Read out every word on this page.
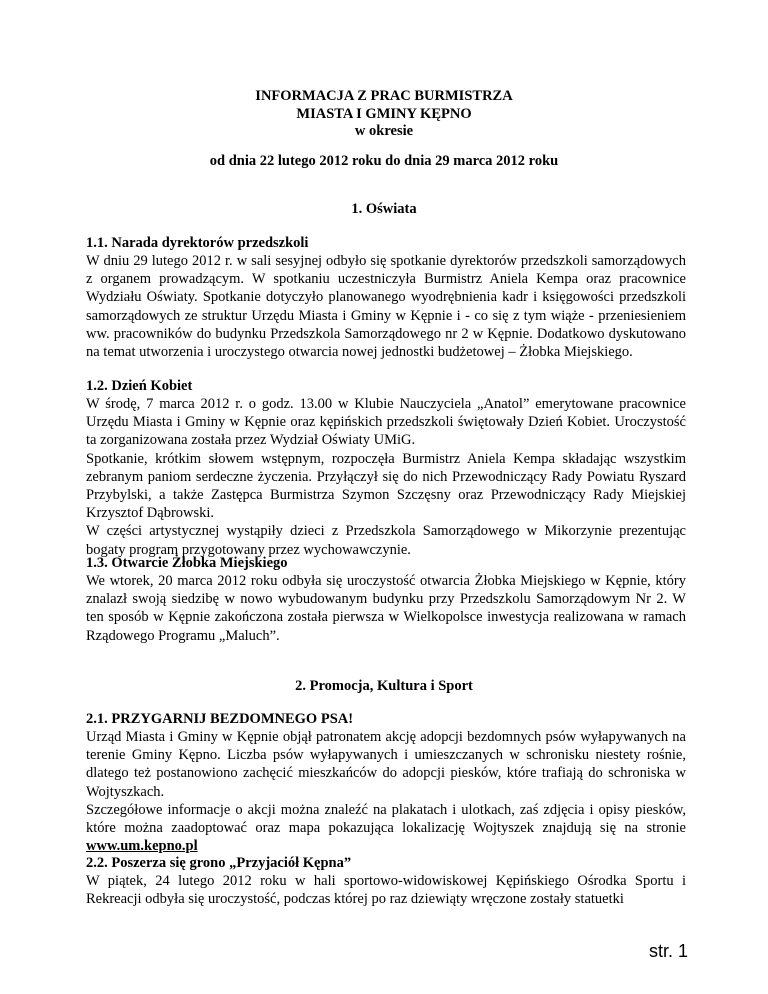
INFORMACJA Z PRAC BURMISTRZA
MIASTA I GMINY KĘPNO
w okresie
od dnia 22 lutego 2012 roku do dnia 29 marca 2012 roku
1. Oświata
1.1. Narada dyrektorów przedszkoli

W dniu 29 lutego 2012 r. w sali sesyjnej odbyło się spotkanie dyrektorów przedszkoli samorządowych z organem prowadzącym. W spotkaniu uczestniczyła Burmistrz Aniela Kempa oraz pracownice Wydziału Oświaty. Spotkanie dotyczyło planowanego wyodrębnienia kadr i księgowości przedszkoli samorządowych ze struktur Urzędu Miasta i Gminy w Kępnie i - co się z tym wiąże - przeniesieniem ww. pracowników do budynku Przedszkola Samorządowego nr 2 w Kępnie. Dodatkowo dyskutowano na temat utworzenia i uroczystego otwarcia nowej jednostki budżetowej – Żłobka Miejskiego.

1.2. Dzień Kobiet

W środę, 7 marca 2012 r. o godz. 13.00 w Klubie Nauczyciela „Anatol” emerytowane pracownice Urzędu Miasta i Gminy w Kępnie oraz kępińskich przedszkoli świętowały Dzień Kobiet. Uroczystość ta zorganizowana została przez Wydział Oświaty UMiG.

Spotkanie, krótkim słowem wstępnym, rozpoczęła Burmistrz Aniela Kempa składając wszystkim zebranym paniom serdeczne życzenia. Przyłączył się do nich Przewodniczący Rady Powiatu Ryszard Przybylski, a także Zastępca Burmistrza Szymon Szczęsny oraz Przewodniczący Rady Miejskiej Krzysztof Dąbrowski.

W części artystycznej wystąpiły dzieci z Przedszkola Samorządowego w Mikorzynie prezentując bogaty program przygotowany przez wychowawczynie.

1.3. Otwarcie Żłobka Miejskiego

We wtorek, 20 marca 2012 roku odbyła się uroczystość otwarcia Żłobka Miejskiego w Kępnie, który znalazł swoją siedzibę w nowo wybudowanym budynku przy Przedszkolu Samorządowym Nr 2. W ten sposób w Kępnie zakończona została pierwsza w Wielkopolsce inwestycja realizowana w ramach Rządowego Programu „Maluch”.

2. Promocja, Kultura i Sport
2.1. PRZYGARNIJ BEZDOMNEGO PSA!

Urząd Miasta i Gminy w Kępnie objął patronatem akcję adopcji bezdomnych psów wyłapywanych na terenie Gminy Kępno. Liczba psów wyłapywanych i umieszczanych w schronisku niestety rośnie, dlatego też postanowiono zachęcić mieszkańców do adopcji piesków, które trafiają do schroniska w Wojtyszkach.

Szczegółowe informacje o akcji można znaleźć na plakatach i ulotkach, zaś zdjęcia i opisy piesków, które można zaadoptować oraz mapa pokazująca lokalizację Wojtyszek znajdują się na stronie www.um.kepno.pl

2.2. Poszerza się grono „Przyjaciół Kępna”

W piątek, 24 lutego 2012 roku w hali sportowo-widowiskowej Kępińskiego Ośrodka Sportu i Rekreacji odbyła się uroczystość, podczas której po raz dziewiąty wręczone zostały statuetki

str. 1
